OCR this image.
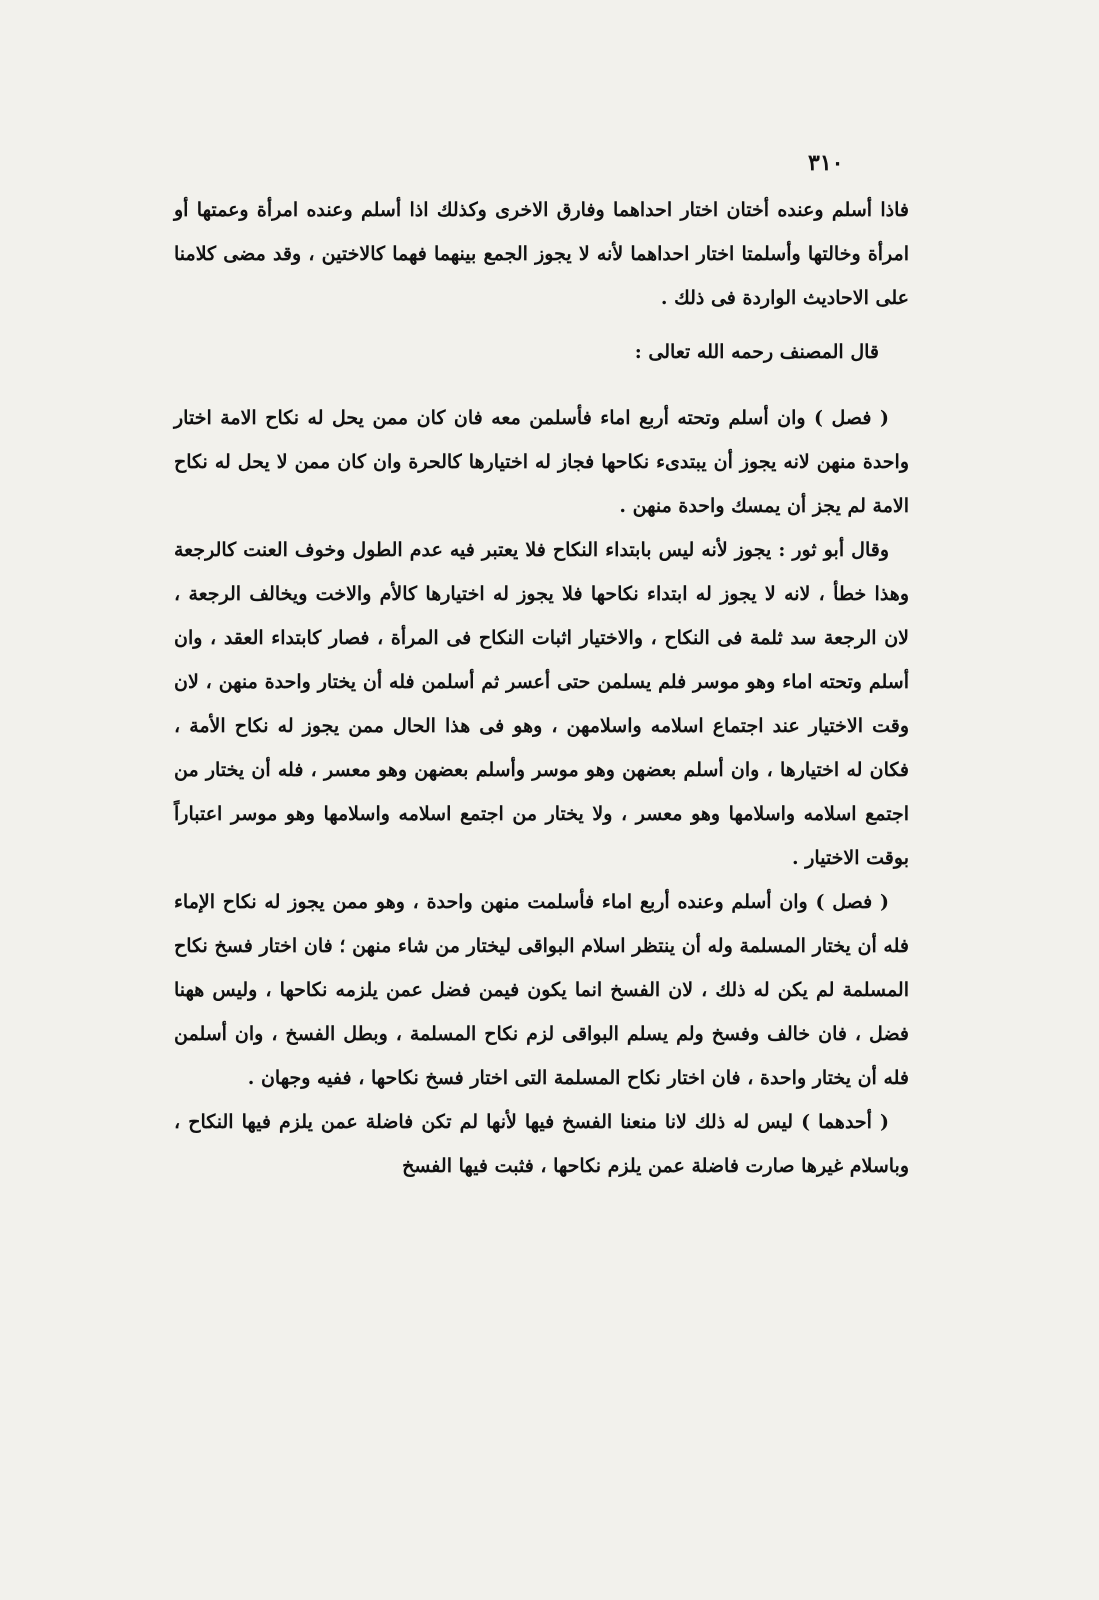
٣١٠

فاذا أسلم وعنده أختان اختار احداهما وفارق الاخرى وكذلك اذا أسلم وعنده امرأة وعمتها أو امرأة وخالتها وأسلمتا اختار احداهما لأنه لا يجوز الجمع بينهما فهما كالاختين ، وقد مضى كلامنا على الاحاديث الواردة فى ذلك .

قال المصنف رحمه الله تعالى :

( فصل ) وان أسلم وتحته أربع اماء فأسلمن معه فان كان ممن يحل له نكاح الامة اختار واحدة منهن لانه يجوز أن يبتدىء نكاحها فجاز له اختيارها كالحرة وان كان ممن لا يحل له نكاح الامة لم يجز أن يمسك واحدة منهن .

وقال أبو ثور : يجوز لأنه ليس بابتداء النكاح فلا يعتبر فيه عدم الطول وخوف العنت كالرجعة وهذا خطأ ، لانه لا يجوز له ابتداء نكاحها فلا يجوز له اختيارها كالأم والاخت ويخالف الرجعة ، لان الرجعة سد ثلمة فى النكاح ، والاختيار اثبات النكاح فى المرأة ، فصار كابتداء العقد ، وان أسلم وتحته اماء وهو موسر فلم يسلمن حتى أعسر ثم أسلمن فله أن يختار واحدة منهن ، لان وقت الاختيار عند اجتماع اسلامه واسلامهن ، وهو فى هذا الحال ممن يجوز له نكاح الأمة ، فكان له اختيارها ، وان أسلم بعضهن وهو موسر وأسلم بعضهن وهو معسر ، فله أن يختار من اجتمع اسلامه واسلامها وهو معسر ، ولا يختار من اجتمع اسلامه واسلامها وهو موسر اعتباراً بوقت الاختيار .

( فصل ) وان أسلم وعنده أربع اماء فأسلمت منهن واحدة ، وهو ممن يجوز له نكاح الإماء فله أن يختار المسلمة وله أن ينتظر اسلام البواقى ليختار من شاء منهن ؛ فان اختار فسخ نكاح المسلمة لم يكن له ذلك ، لان الفسخ انما يكون فيمن فضل عمن يلزمه نكاحها ، وليس ههنا فضل ، فان خالف وفسخ ولم يسلم البواقى لزم نكاح المسلمة ، وبطل الفسخ ، وان أسلمن فله أن يختار واحدة ، فان اختار نكاح المسلمة التى اختار فسخ نكاحها ، ففيه وجهان .

( أحدهما ) ليس له ذلك لانا منعنا الفسخ فيها لأنها لم تكن فاضلة عمن يلزم فيها النكاح ، وباسلام غيرها صارت فاضلة عمن يلزم نكاحها ، فثبت فيها الفسخ
